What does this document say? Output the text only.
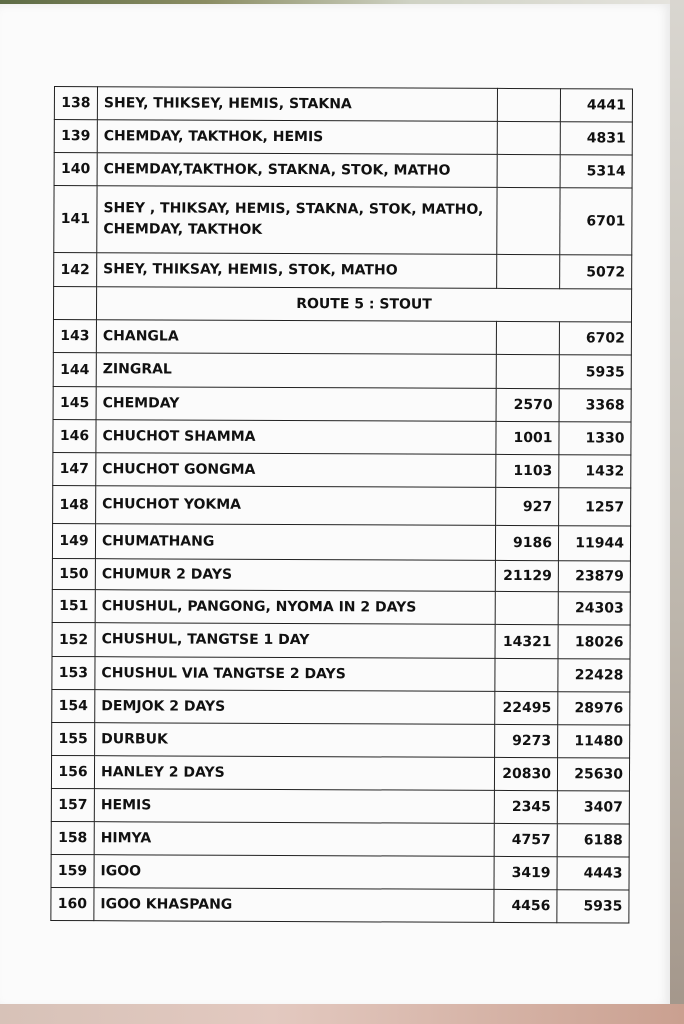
138	SHEY, THIKSEY, HEMIS, STAKNA		4441
139	CHEMDAY, TAKTHOK, HEMIS		4831
140	CHEMDAY,TAKTHOK, STAKNA, STOK, MATHO		5314
141	SHEY , THIKSAY, HEMIS, STAKNA, STOK, MATHO, CHEMDAY, TAKTHOK		6701
142	SHEY, THIKSAY, HEMIS, STOK, MATHO		5072
	ROUTE 5 : STOUT		
143	CHANGLA		6702
144	ZINGRAL		5935
145	CHEMDAY	2570	3368
146	CHUCHOT SHAMMA	1001	1330
147	CHUCHOT GONGMA	1103	1432
148	CHUCHOT YOKMA	927	1257
149	CHUMATHANG	9186	11944
150	CHUMUR 2 DAYS	21129	23879
151	CHUSHUL, PANGONG, NYOMA IN 2 DAYS		24303
152	CHUSHUL, TANGTSE 1 DAY	14321	18026
153	CHUSHUL VIA TANGTSE 2 DAYS		22428
154	DEMJOK 2 DAYS	22495	28976
155	DURBUK	9273	11480
156	HANLEY 2 DAYS	20830	25630
157	HEMIS	2345	3407
158	HIMYA	4757	6188
159	IGOO	3419	4443
160	IGOO KHASPANG	4456	5935
